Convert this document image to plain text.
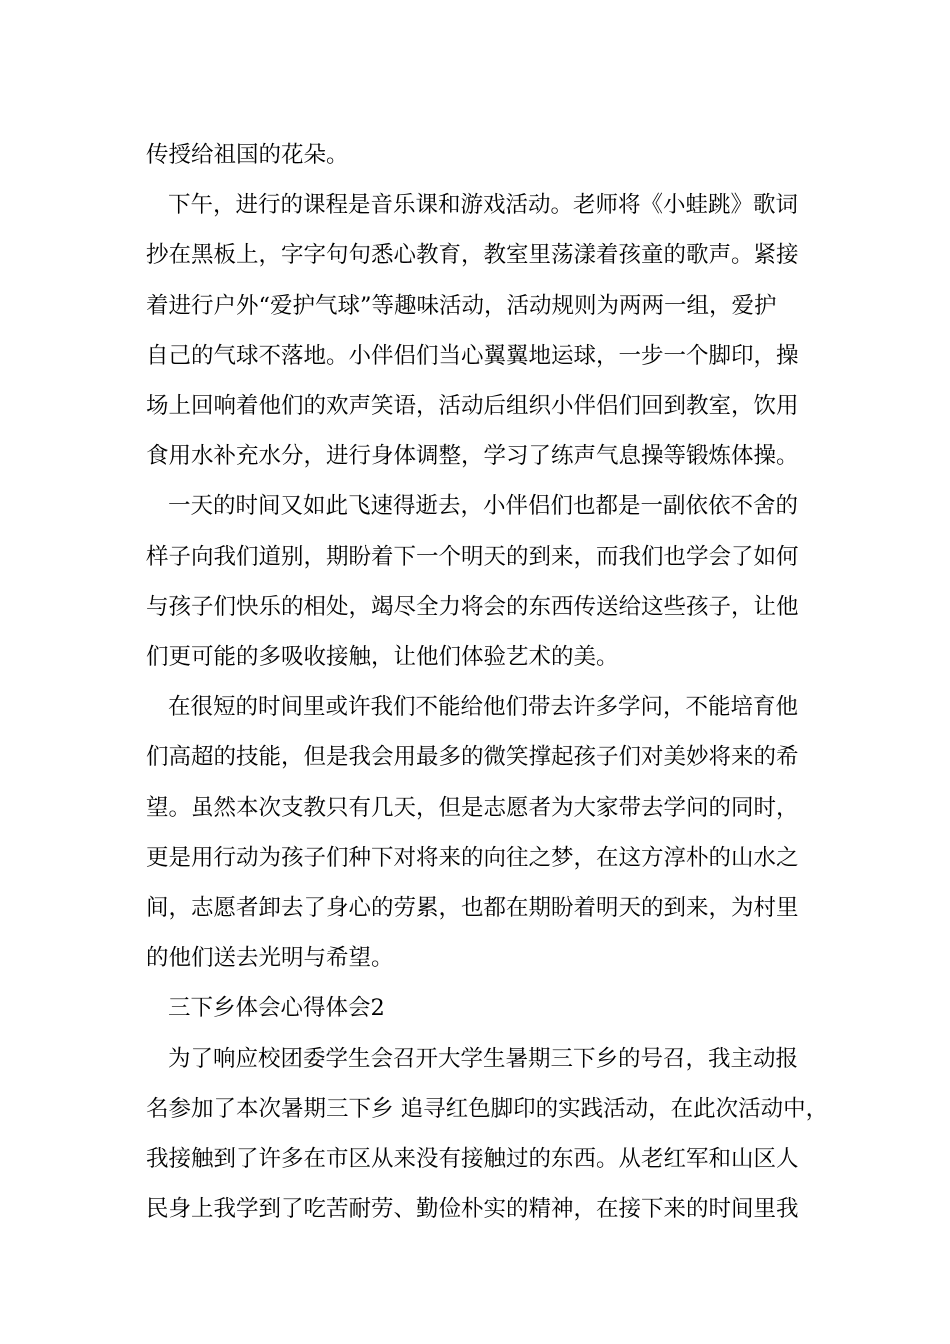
传授给祖国的花朵。
下午，进行的课程是音乐课和游戏活动。老师将《小蛙跳》歌词
抄在黑板上，字字句句悉心教育，教室里荡漾着孩童的歌声。紧接
着进行户外“爱护气球”等趣味活动，活动规则为两两一组，爱护
自己的气球不落地。小伴侣们当心翼翼地运球，一步一个脚印，操
场上回响着他们的欢声笑语，活动后组织小伴侣们回到教室，饮用
食用水补充水分，进行身体调整，学习了练声气息操等锻炼体操。
一天的时间又如此飞速得逝去，小伴侣们也都是一副依依不舍的
样子向我们道别，期盼着下一个明天的到来，而我们也学会了如何
与孩子们快乐的相处，竭尽全力将会的东西传送给这些孩子，让他
们更可能的多吸收接触，让他们体验艺术的美。
在很短的时间里或许我们不能给他们带去许多学问，不能培育他
们高超的技能，但是我会用最多的微笑撑起孩子们对美妙将来的希
望。虽然本次支教只有几天，但是志愿者为大家带去学问的同时，
更是用行动为孩子们种下对将来的向往之梦，在这方淳朴的山水之
间，志愿者卸去了身心的劳累，也都在期盼着明天的到来，为村里
的他们送去光明与希望。
三下乡体会心得体会2
为了响应校团委学生会召开大学生暑期三下乡的号召，我主动报
名参加了本次暑期三下乡 追寻红色脚印的实践活动，在此次活动中，
我接触到了许多在市区从来没有接触过的东西。从老红军和山区人
民身上我学到了吃苦耐劳、勤俭朴实的精神，在接下来的时间里我
